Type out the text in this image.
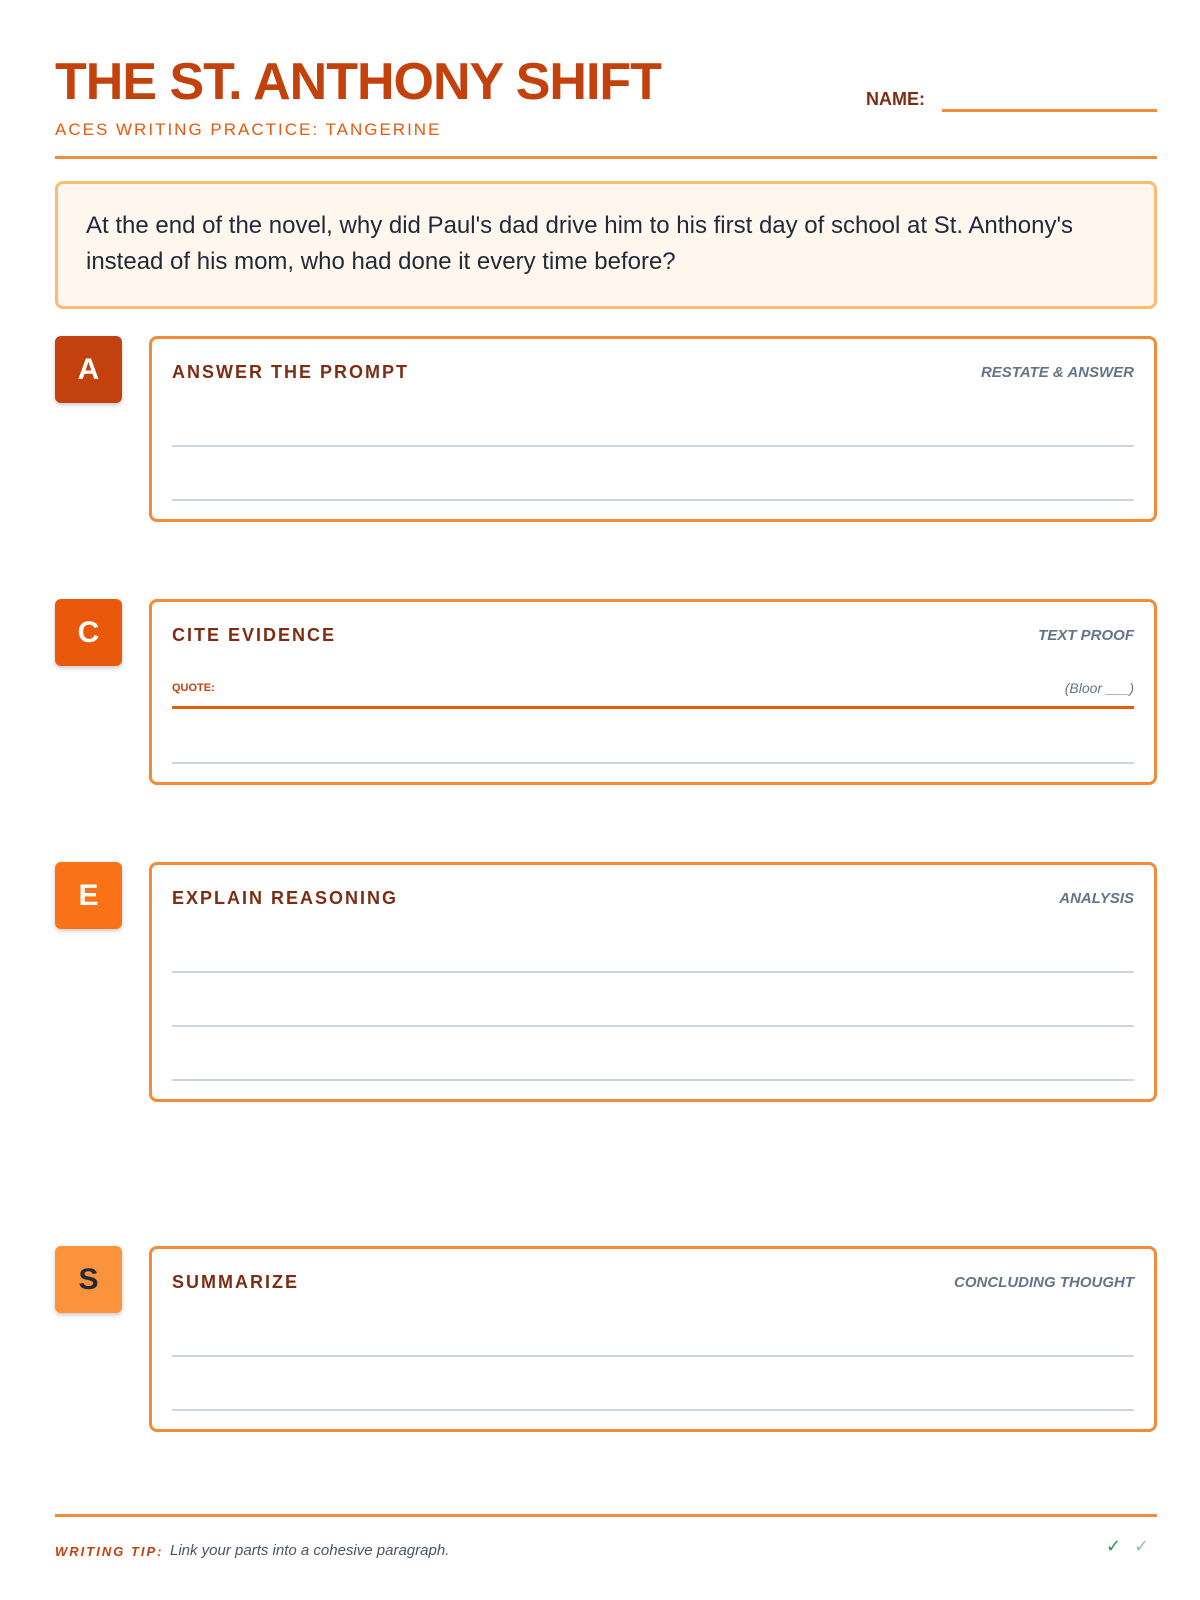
THE ST. ANTHONY SHIFT
ACES WRITING PRACTICE: TANGERINE
NAME:
At the end of the novel, why did Paul's dad drive him to his first day of school at St. Anthony's instead of his mom, who had done it every time before?
A	ANSWER THE PROMPT	RESTATE & ANSWER
C	CITE EVIDENCE	TEXT PROOF
QUOTE:	(Bloor ___)
E	EXPLAIN REASONING	ANALYSIS
S	SUMMARIZE	CONCLUDING THOUGHT
WRITING TIP: Link your parts into a cohesive paragraph.	✓ ✓
